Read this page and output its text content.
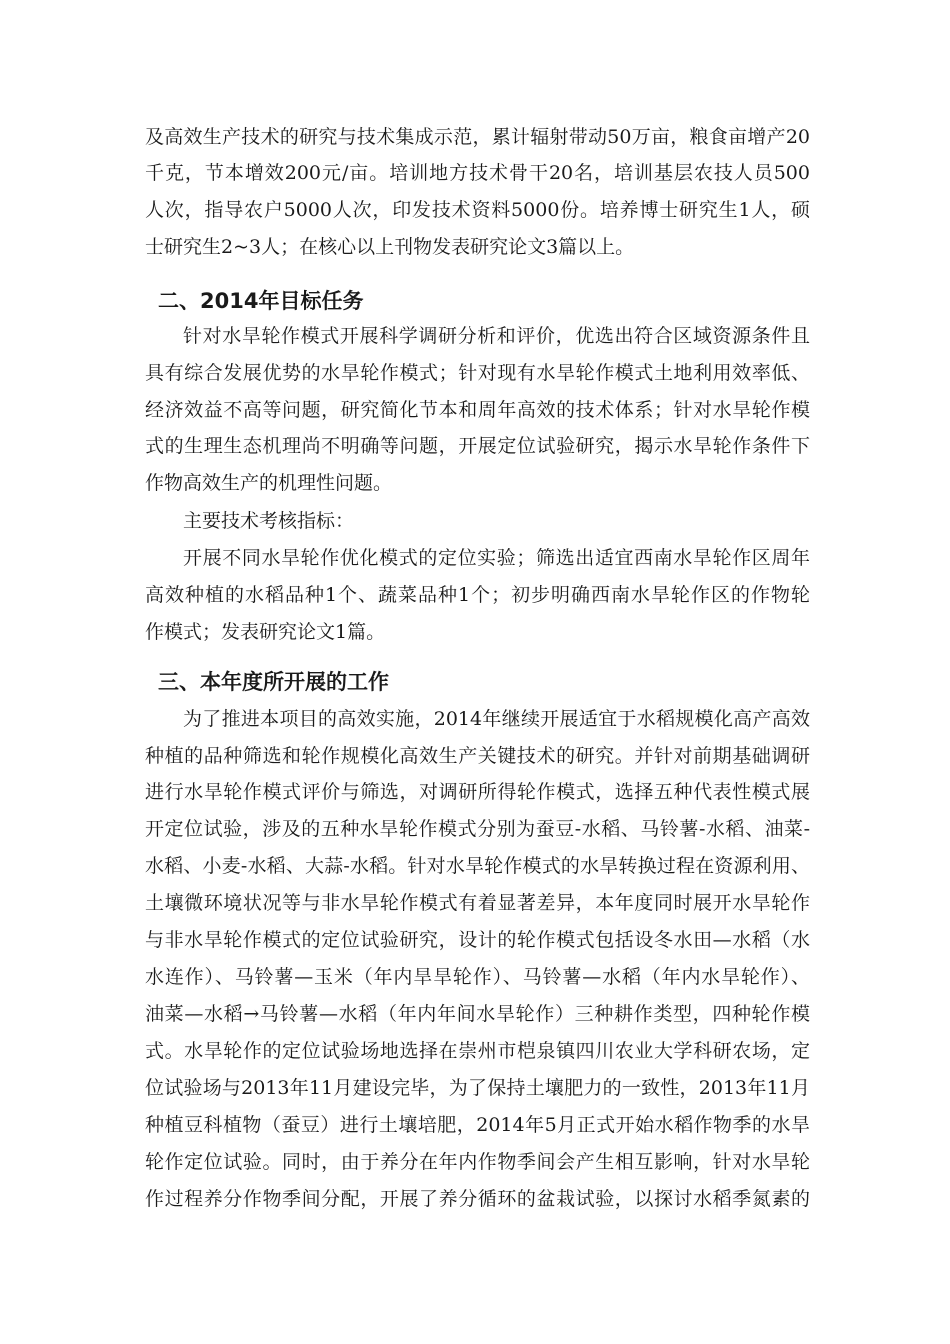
及高效生产技术的研究与技术集成示范，累计辐射带动50万亩，粮食亩增产20
千克，节本增效200元/亩。培训地方技术骨干20名，培训基层农技人员500
人次，指导农户5000人次，印发技术资料5000份。培养博士研究生1人，硕
士研究生2~3人；在核心以上刊物发表研究论文3篇以上。
二、2014年目标任务
针对水旱轮作模式开展科学调研分析和评价，优选出符合区域资源条件且
具有综合发展优势的水旱轮作模式；针对现有水旱轮作模式土地利用效率低、
经济效益不高等问题，研究简化节本和周年高效的技术体系；针对水旱轮作模
式的生理生态机理尚不明确等问题，开展定位试验研究，揭示水旱轮作条件下
作物高效生产的机理性问题。
主要技术考核指标：
开展不同水旱轮作优化模式的定位实验；筛选出适宜西南水旱轮作区周年
高效种植的水稻品种1个、蔬菜品种1个；初步明确西南水旱轮作区的作物轮
作模式；发表研究论文1篇。
三、本年度所开展的工作
为了推进本项目的高效实施，2014年继续开展适宜于水稻规模化高产高效
种植的品种筛选和轮作规模化高效生产关键技术的研究。并针对前期基础调研
进行水旱轮作模式评价与筛选，对调研所得轮作模式，选择五种代表性模式展
开定位试验，涉及的五种水旱轮作模式分别为蚕豆-水稻、马铃薯-水稻、油菜-
水稻、小麦-水稻、大蒜-水稻。针对水旱轮作模式的水旱转换过程在资源利用、
土壤微环境状况等与非水旱轮作模式有着显著差异，本年度同时展开水旱轮作
与非水旱轮作模式的定位试验研究，设计的轮作模式包括设冬水田—水稻（水
水连作）、马铃薯—玉米（年内旱旱轮作）、马铃薯—水稻（年内水旱轮作）、
油菜—水稻→马铃薯—水稻（年内年间水旱轮作）三种耕作类型，四种轮作模
式。水旱轮作的定位试验场地选择在崇州市桤泉镇四川农业大学科研农场，定
位试验场与2013年11月建设完毕，为了保持土壤肥力的一致性，2013年11月
种植豆科植物（蚕豆）进行土壤培肥，2014年5月正式开始水稻作物季的水旱
轮作定位试验。同时，由于养分在年内作物季间会产生相互影响，针对水旱轮
作过程养分作物季间分配，开展了养分循环的盆栽试验，以探讨水稻季氮素的
